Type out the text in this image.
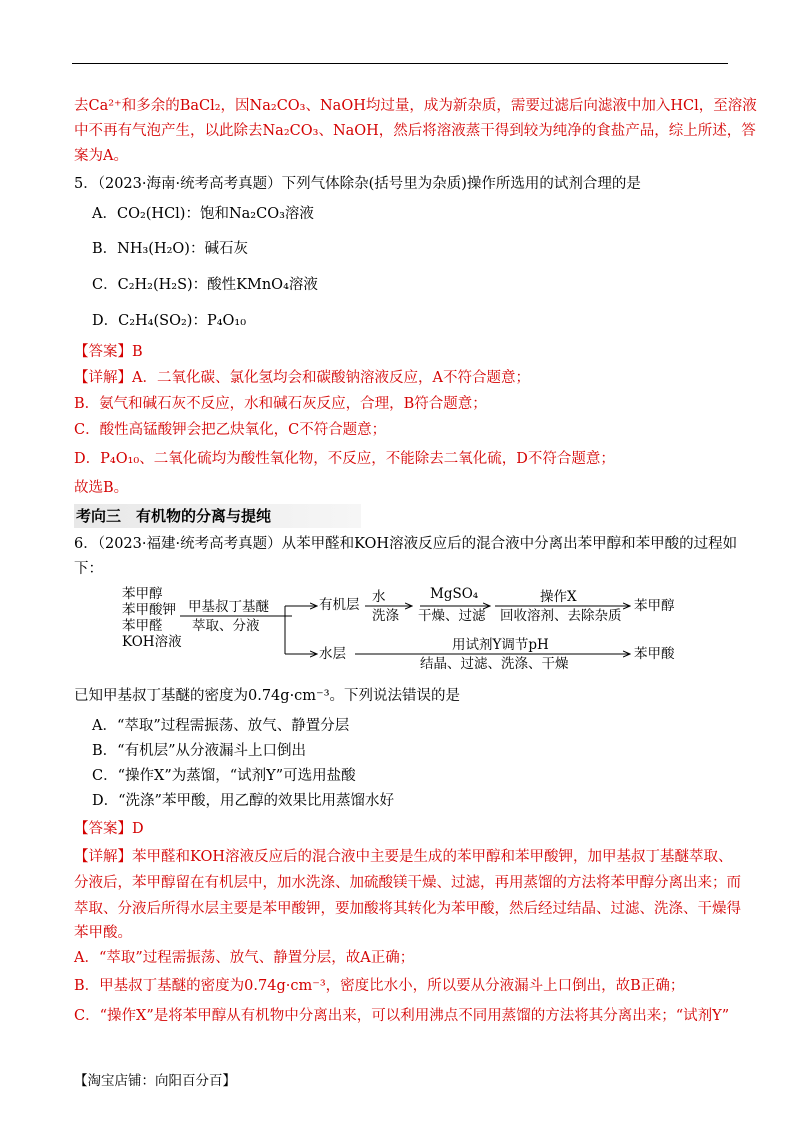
去Ca²⁺和多余的BaCl₂，因Na₂CO₃、NaOH均过量，成为新杂质，需要过滤后向滤液中加入HCl，至溶液
中不再有气泡产生，以此除去Na₂CO₃、NaOH，然后将溶液蒸干得到较为纯净的食盐产品，综上所述，答
案为A。
5．（2023·海南·统考高考真题）下列气体除杂(括号里为杂质)操作所选用的试剂合理的是
A．CO₂(HCl)：饱和Na₂CO₃溶液
B．NH₃(H₂O)：碱石灰
C．C₂H₂(H₂S)：酸性KMnO₄溶液
D．C₂H₄(SO₂)：P₄O₁₀
【答案】B
【详解】A．二氧化碳、氯化氢均会和碳酸钠溶液反应，A不符合题意；
B．氨气和碱石灰不反应，水和碱石灰反应，合理，B符合题意；
C．酸性高锰酸钾会把乙炔氧化，C不符合题意；
D．P₄O₁₀、二氧化硫均为酸性氧化物，不反应，不能除去二氧化硫，D不符合题意；
故选B。
考向三　有机物的分离与提纯
6．（2023·福建·统考高考真题）从苯甲醛和KOH溶液反应后的混合液中分离出苯甲醇和苯甲酸的过程如
下：
苯甲醇
苯甲酸钾
苯甲醛
KOH溶液
甲基叔丁基醚
萃取、分液
有机层 水
洗涤
MgSO₄
干燥、过滤
操作X
回收溶剂、去除杂质
苯甲醇
水层
用试剂Y调节pH
结晶、过滤、洗涤、干燥
苯甲酸
已知甲基叔丁基醚的密度为0.74g·cm⁻³。下列说法错误的是
A．“萃取”过程需振荡、放气、静置分层
B．“有机层”从分液漏斗上口倒出
C．“操作X”为蒸馏，“试剂Y”可选用盐酸
D．“洗涤”苯甲酸，用乙醇的效果比用蒸馏水好
【答案】D
【详解】苯甲醛和KOH溶液反应后的混合液中主要是生成的苯甲醇和苯甲酸钾，加甲基叔丁基醚萃取、
分液后，苯甲醇留在有机层中，加水洗涤、加硫酸镁干燥、过滤，再用蒸馏的方法将苯甲醇分离出来；而
萃取、分液后所得水层主要是苯甲酸钾，要加酸将其转化为苯甲酸，然后经过结晶、过滤、洗涤、干燥得
苯甲酸。
A．“萃取”过程需振荡、放气、静置分层，故A正确；
B．甲基叔丁基醚的密度为0.74g·cm⁻³，密度比水小，所以要从分液漏斗上口倒出，故B正确；
C．“操作X”是将苯甲醇从有机物中分离出来，可以利用沸点不同用蒸馏的方法将其分离出来；“试剂Y”
【淘宝店铺：向阳百分百】
